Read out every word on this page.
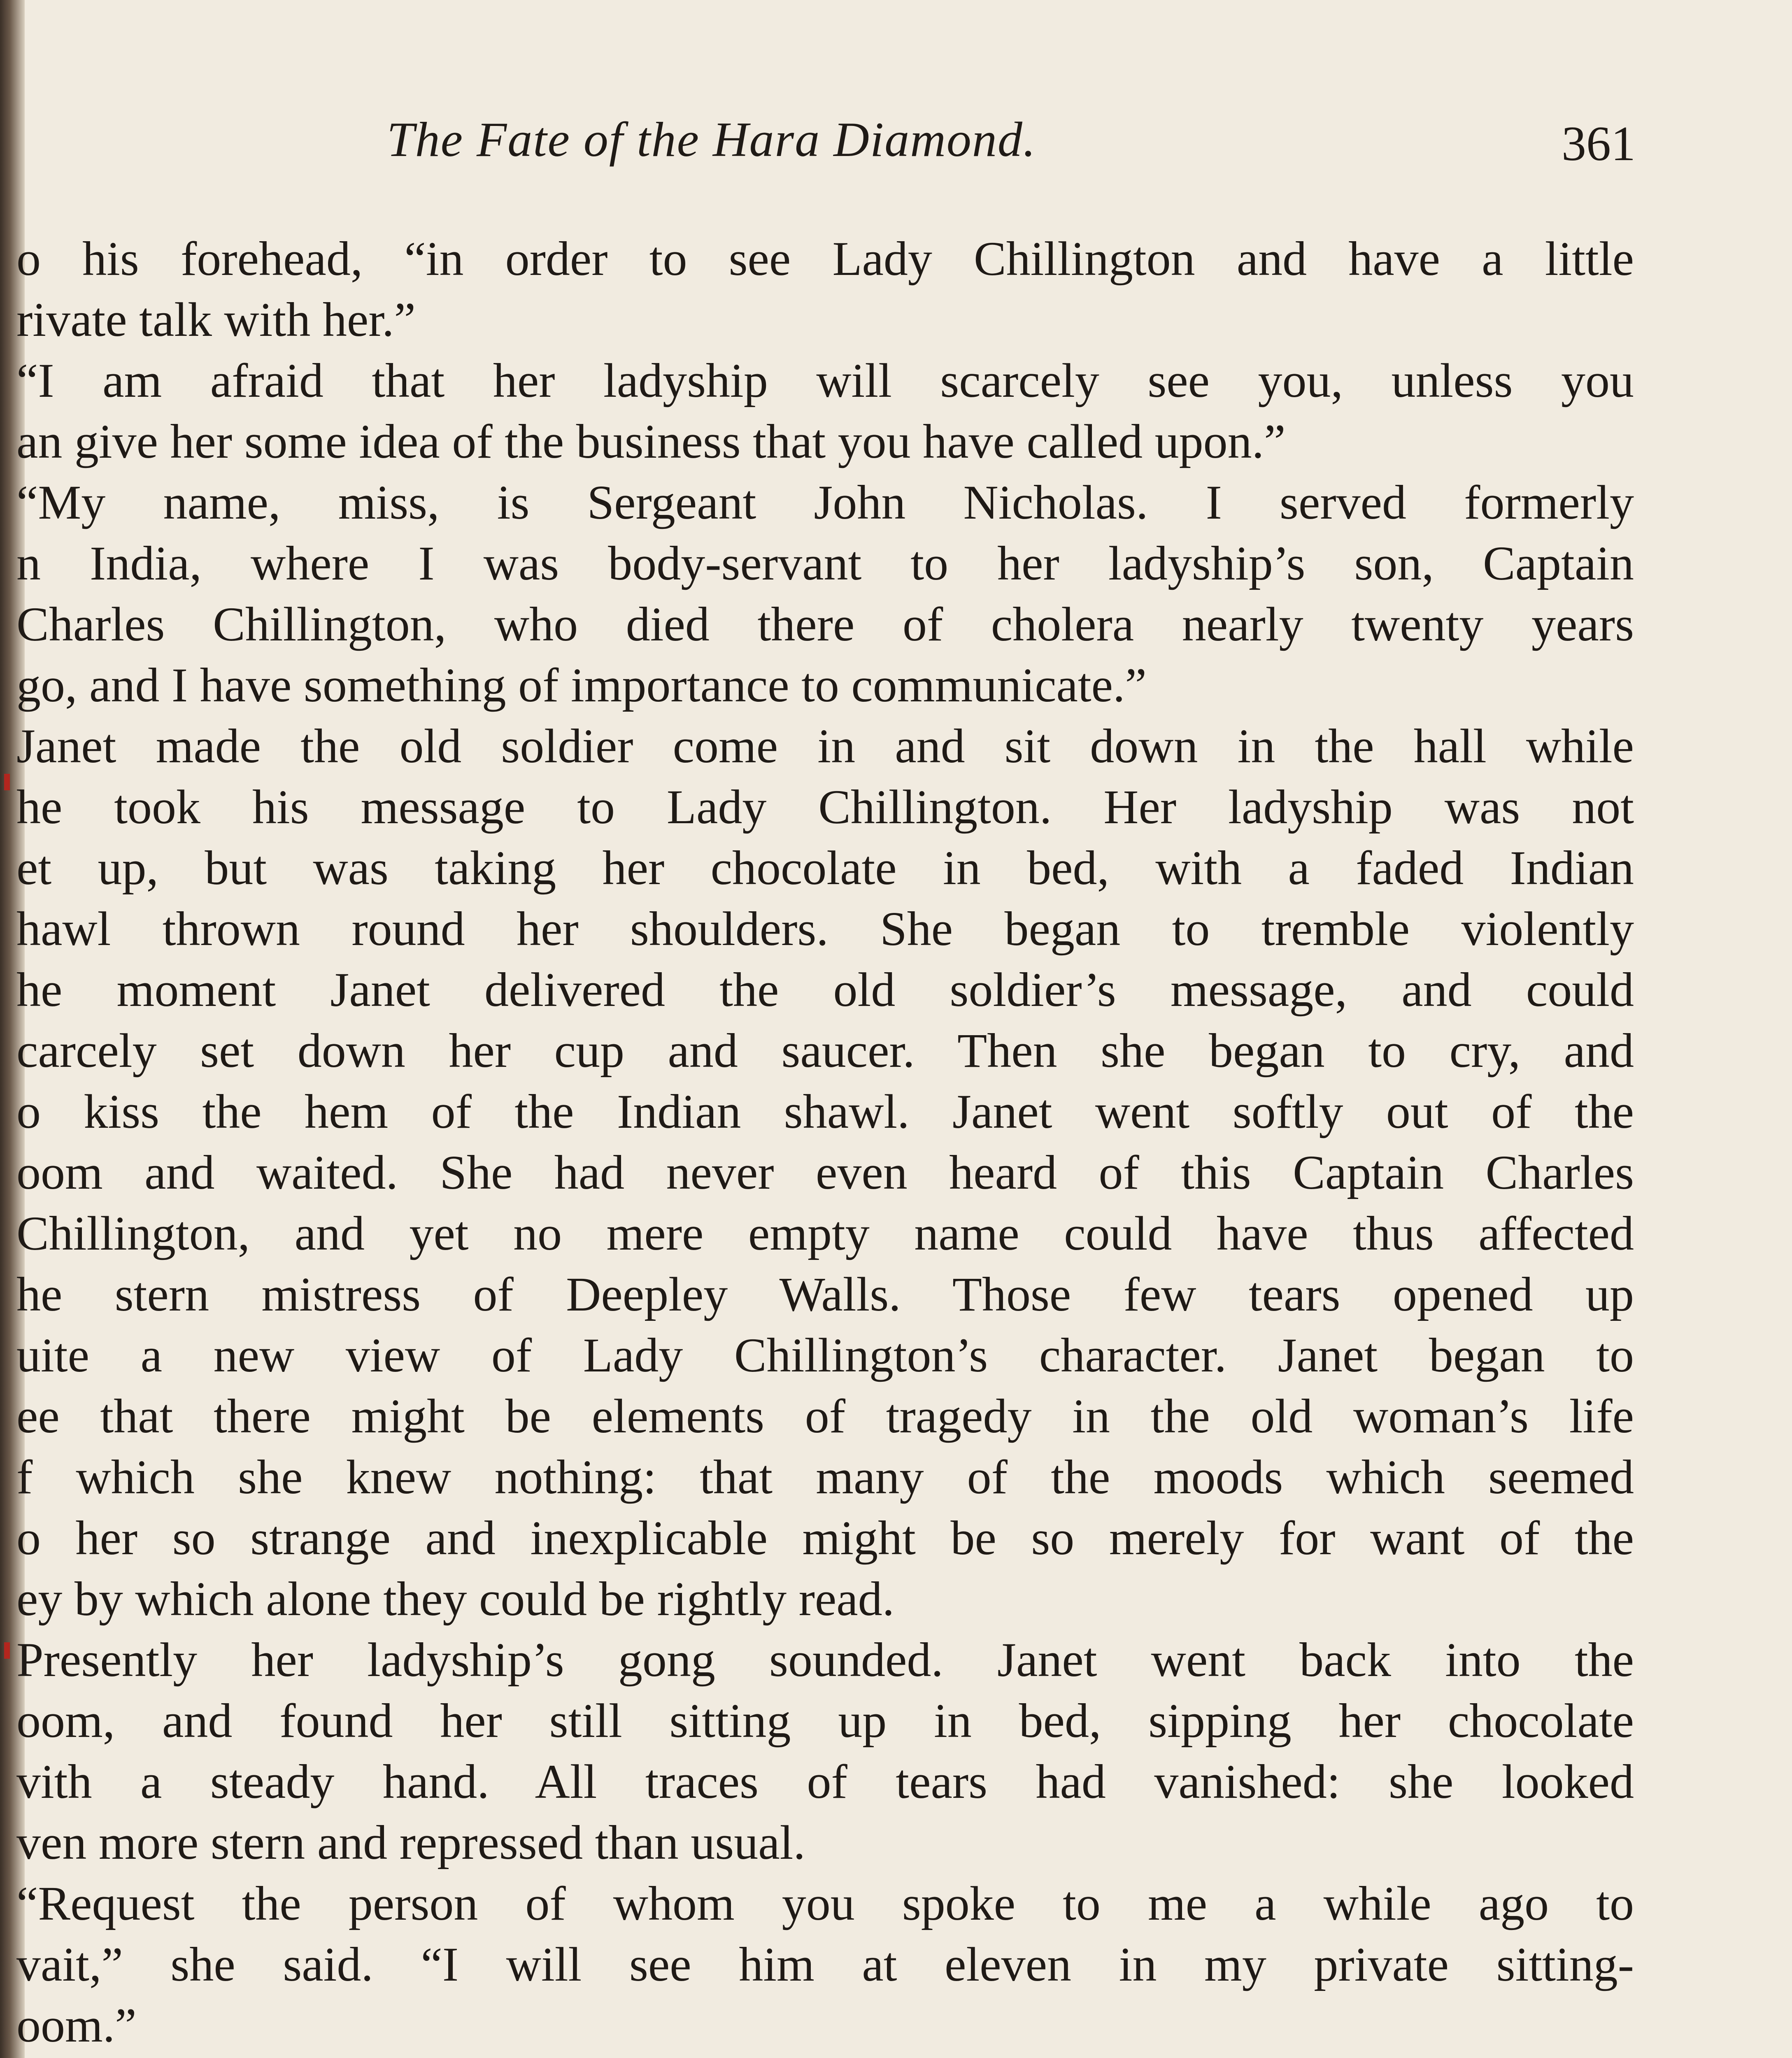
The Fate of the Hara Diamond.	361
o his forehead, “in order to see Lady Chillington and have a little
rivate talk with her.”
“I am afraid that her ladyship will scarcely see you, unless you
an give her some idea of the business that you have called upon.”
“My name, miss, is Sergeant John Nicholas. I served formerly
n India, where I was body-servant to her ladyship’s son, Captain
Charles Chillington, who died there of cholera nearly twenty years
go, and I have something of importance to communicate.”
Janet made the old soldier come in and sit down in the hall while
he took his message to Lady Chillington. Her ladyship was not
et up, but was taking her chocolate in bed, with a faded Indian
hawl thrown round her shoulders. She began to tremble violently
he moment Janet delivered the old soldier’s message, and could
carcely set down her cup and saucer. Then she began to cry, and
o kiss the hem of the Indian shawl. Janet went softly out of the
oom and waited. She had never even heard of this Captain Charles
Chillington, and yet no mere empty name could have thus affected
he stern mistress of Deepley Walls. Those few tears opened up
uite a new view of Lady Chillington’s character. Janet began to
ee that there might be elements of tragedy in the old woman’s life
f which she knew nothing: that many of the moods which seemed
o her so strange and inexplicable might be so merely for want of the
ey by which alone they could be rightly read.
Presently her ladyship’s gong sounded. Janet went back into the
oom, and found her still sitting up in bed, sipping her chocolate
vith a steady hand. All traces of tears had vanished: she looked
ven more stern and repressed than usual.
“Request the person of whom you spoke to me a while ago to
vait,” she said. “I will see him at eleven in my private sitting-
oom.”
